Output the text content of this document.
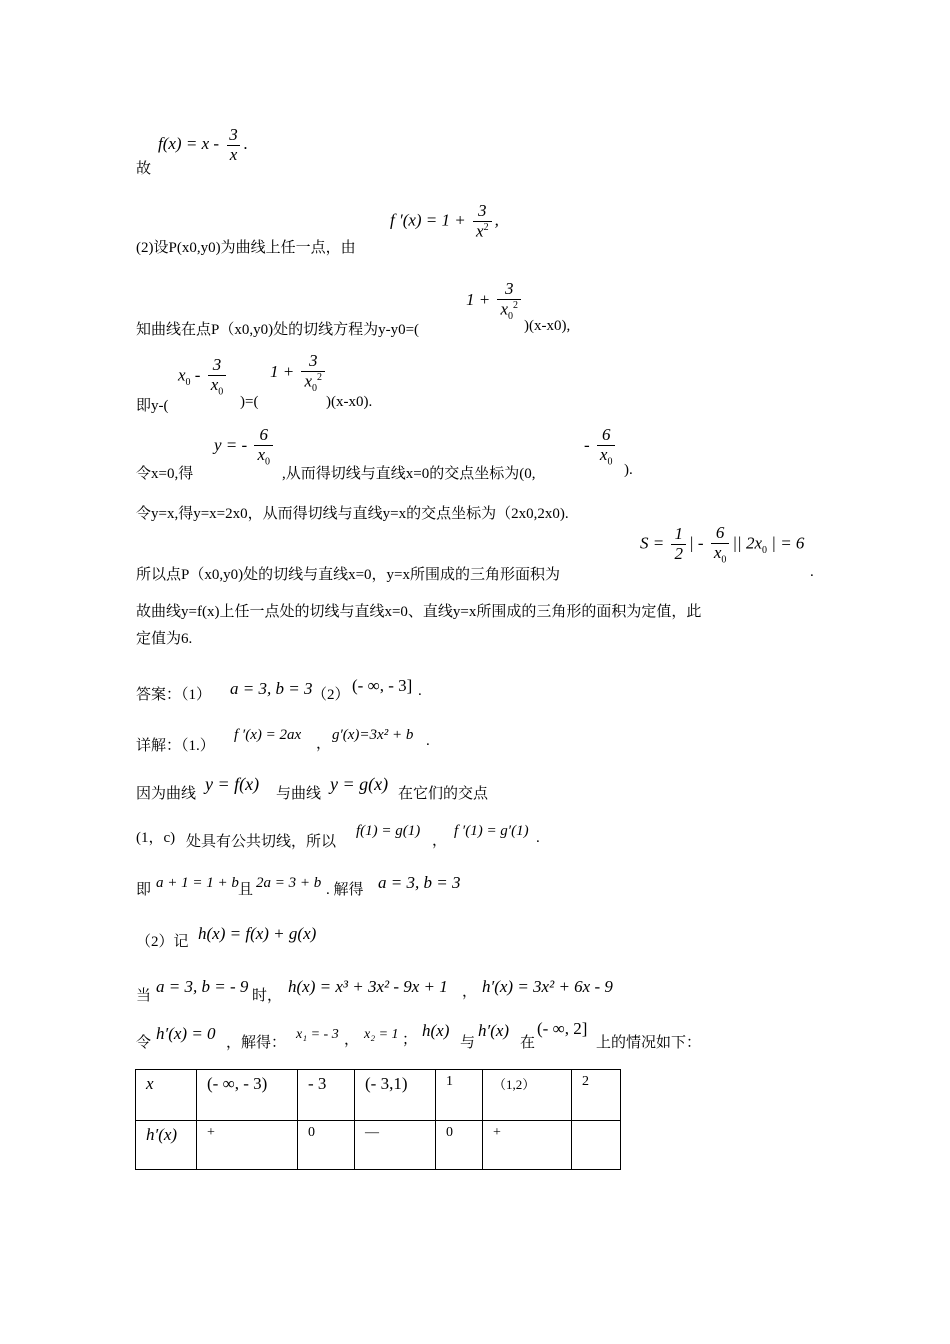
故
$f(x) = x - \frac{3}{x}$ .
(2)设P(x0,y0)为曲线上任一点，由
f $'(x) = 1 + \frac{3}{x^2}$ ,
知曲线在点P（x0,y0)处的切线方程为y-y0=(
$1 + \frac{3}{x_0^2}$
)(x-x0),
即y-(
$x_0 - \frac{3}{x_0}$
)=(
$1 + \frac{3}{x_0^2}$
)(x-x0).
令x=0,得
y = - $\frac{6}{x_0}$
,从而得切线与直线x=0的交点坐标为(0,
- $\frac{6}{x_0}$
).
令y=x,得y=x=2x0，从而得切线与直线y=x的交点坐标为（2x0,2x0).
所以点P（x0,y0)处的切线与直线x=0，y=x所围成的三角形面积为
$S = \frac{1}{2}$ | - $\frac{6}{x_0}$ || $2x_0$ | = 6
.
故曲线y=f(x)上任一点处的切线与直线x=0、直线y=x所围成的三角形的面积为定值，此
定值为6.
答案：（1） a = 3, b = 3 （2） (- ∞, - 3] .
详解：（1.）
f ′(x) = 2ax
，
g′(x)=3x² + b .
因为曲线 y = f(x) 与曲线 y = g(x) 在它们的交点
(1，c) 处具有公共切线，所以
f(1) = g(1)
，
f ′(1) = g′(1) .
即 a + 1 = 1 + b 且 2a = 3 + b . 解得 a = 3, b = 3
（2）记 h(x) = f(x) + g(x)
当 a = 3, b = - 9 时， h(x) = x³ + 3x² - 9x + 1 ， h′(x) = 3x² + 6x - 9
令 h′(x) = 0 ，解得：
x₁ = - 3 ， x₂ = 1 ； h(x)
与
h′(x)
在
(- ∞, 2]
上的情况如下：
x	(- ∞, - 3)	- 3	(- 3,1)	1	（1,2）	2
h′(x)	+	0	—	0	+	
